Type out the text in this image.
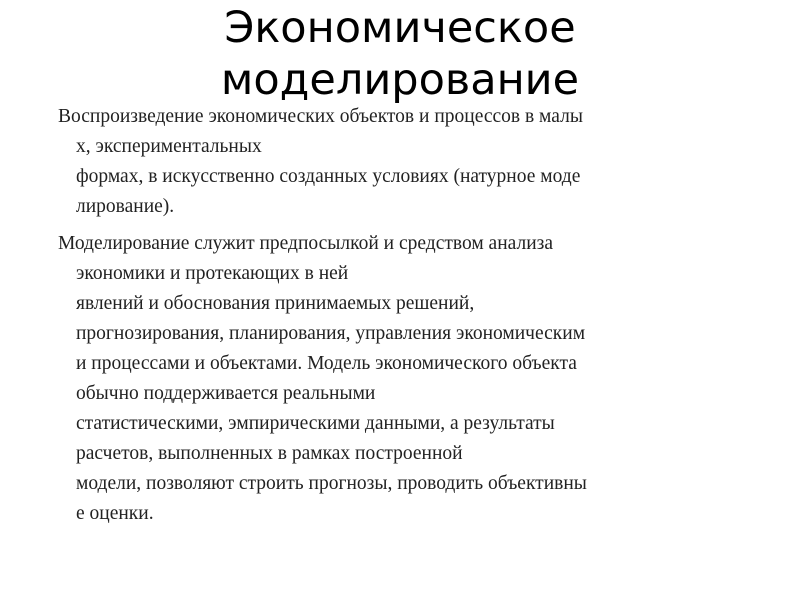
Экономическое
моделирование
Воспроизведение экономических объектов и процессов в малы
х, экспериментальных
формах, в искусственно созданных условиях (натурное моде
лирование).
Моделирование служит предпосылкой и средством анализа
экономики и протекающих в ней
явлений и обоснования принимаемых решений,
прогнозирования, планирования, управления экономическим
и процессами и объектами. Модель экономического объекта
обычно поддерживается реальными
статистическими, эмпирическими данными, а результаты
расчетов, выполненных в рамках построенной
модели, позволяют строить прогнозы, проводить объективны
е оценки.
